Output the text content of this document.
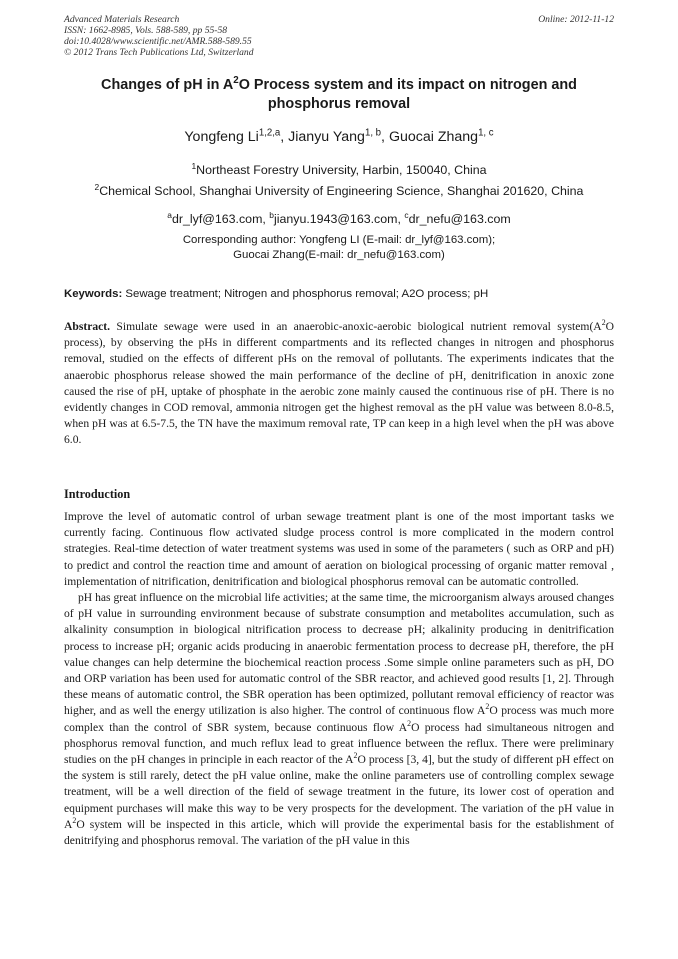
Advanced Materials Research
ISSN: 1662-8985, Vols. 588-589, pp 55-58
doi:10.4028/www.scientific.net/AMR.588-589.55
© 2012 Trans Tech Publications Ltd, Switzerland
Online: 2012-11-12
Changes of pH in $A^2O$ Process system and its impact on nitrogen and phosphorus removal
Yongfeng Li$^{1,2,a}$, Jianyu Yang$^{1, b}$, Guocai Zhang$^{1, c}$
$^1$Northeast Forestry University, Harbin, 150040, China
$^2$Chemical School, Shanghai University of Engineering Science, Shanghai 201620, China
$^a$dr_lyf@163.com, $^b$jianyu.1943@163.com, $^c$dr_nefu@163.com
Corresponding author: Yongfeng LI (E-mail: dr_lyf@163.com);
Guocai Zhang(E-mail: dr_nefu@163.com)
Keywords: Sewage treatment; Nitrogen and phosphorus removal; A2O process; pH
Abstract. Simulate sewage were used in an anaerobic-anoxic-aerobic biological nutrient removal $system(A^2O$ process), by observing the pHs in different compartments and its reflected changes in nitrogen and phosphorus removal, studied on the effects of different pHs on the removal of pollutants. The experiments indicates that the anaerobic phosphorus release showed the main performance of the decline of pH, denitrification in anoxic zone caused the rise of pH, uptake of phosphate in the aerobic zone mainly caused the continuous rise of pH. There is no evidently changes in COD removal, ammonia nitrogen get the highest removal as the pH value was between 8.0-8.5, when pH was at 6.5-7.5, the TN have the maximum removal rate, TP can keep in a high level when the pH was above 6.0.
Introduction

Improve the level of automatic control of urban sewage treatment plant is one of the most important tasks we currently facing. Continuous flow activated sludge process control is more complicated in the modern control strategies. Real-time detection of water treatment systems was used in some of the parameters ( such as ORP and pH) to predict and control the reaction time and amount of aeration on biological processing of organic matter removal , implementation of nitrification, denitrification and biological phosphorus removal can be automatic controlled.

pH has great influence on the microbial life activities; at the same time, the microorganism always aroused changes of pH value in surrounding environment because of substrate consumption and metabolites accumulation, such as alkalinity consumption in biological nitrification process to decrease pH; alkalinity producing in denitrification process to increase pH; organic acids producing in anaerobic fermentation process to decrease pH, therefore, the pH value changes can help determine the biochemical reaction process .Some simple online parameters such as pH, DO and ORP variation has been used for automatic control of the SBR reactor, and achieved good results [1, 2]. Through these means of automatic control, the SBR operation has been optimized, pollutant removal efficiency of reactor was higher, and as well the energy utilization is also higher. The control of continuous flow $A^2O$ process was much more complex than the control of SBR system, because continuous flow $A^2O$ process had simultaneous nitrogen and phosphorus removal function, and much reflux lead to great influence between the reflux. There were preliminary studies on the pH changes in principle in each reactor of the $A^2O$ process [3, 4], but the study of different pH effect on the system is still rarely, detect the pH value online, make the online parameters use of controlling complex sewage treatment, will be a well direction of the field of sewage treatment in the future, its lower cost of operation and equipment purchases will make this way to be very prospects for the development. The variation of the pH value in $A^2O$ system will be inspected in this article, which will provide the experimental basis for the establishment of denitrifying and phosphorus removal. The variation of the pH value in this
